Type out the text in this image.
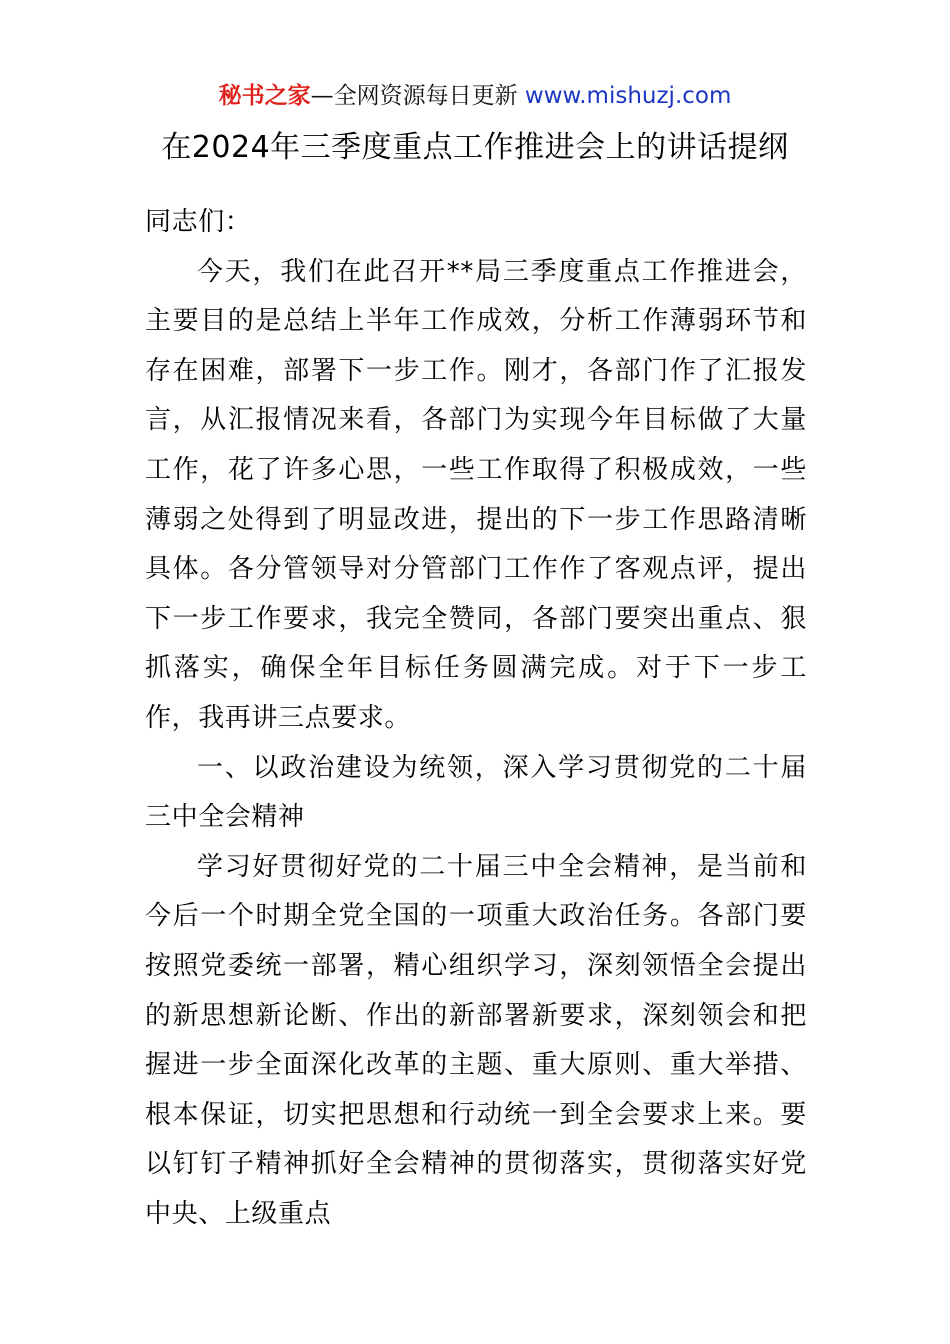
秘书之家—全网资源每日更新 www.mishuzj.com
在2024年三季度重点工作推进会上的讲话提纲

同志们：

今天，我们在此召开**局三季度重点工作推进会，主要目的是总结上半年工作成效，分析工作薄弱环节和存在困难，部署下一步工作。刚才，各部门作了汇报发言，从汇报情况来看，各部门为实现今年目标做了大量工作，花了许多心思，一些工作取得了积极成效，一些薄弱之处得到了明显改进，提出的下一步工作思路清晰具体。各分管领导对分管部门工作作了客观点评，提出下一步工作要求，我完全赞同，各部门要突出重点、狠抓落实，确保全年目标任务圆满完成。对于下一步工作，我再讲三点要求。

一、以政治建设为统领，深入学习贯彻党的二十届三中全会精神

学习好贯彻好党的二十届三中全会精神，是当前和今后一个时期全党全国的一项重大政治任务。各部门要按照党委统一部署，精心组织学习，深刻领悟全会提出的新思想新论断、作出的新部署新要求，深刻领会和把握进一步全面深化改革的主题、重大原则、重大举措、根本保证，切实把思想和行动统一到全会要求上来。要以钉钉子精神抓好全会精神的贯彻落实，贯彻落实好党中央、上级重点
